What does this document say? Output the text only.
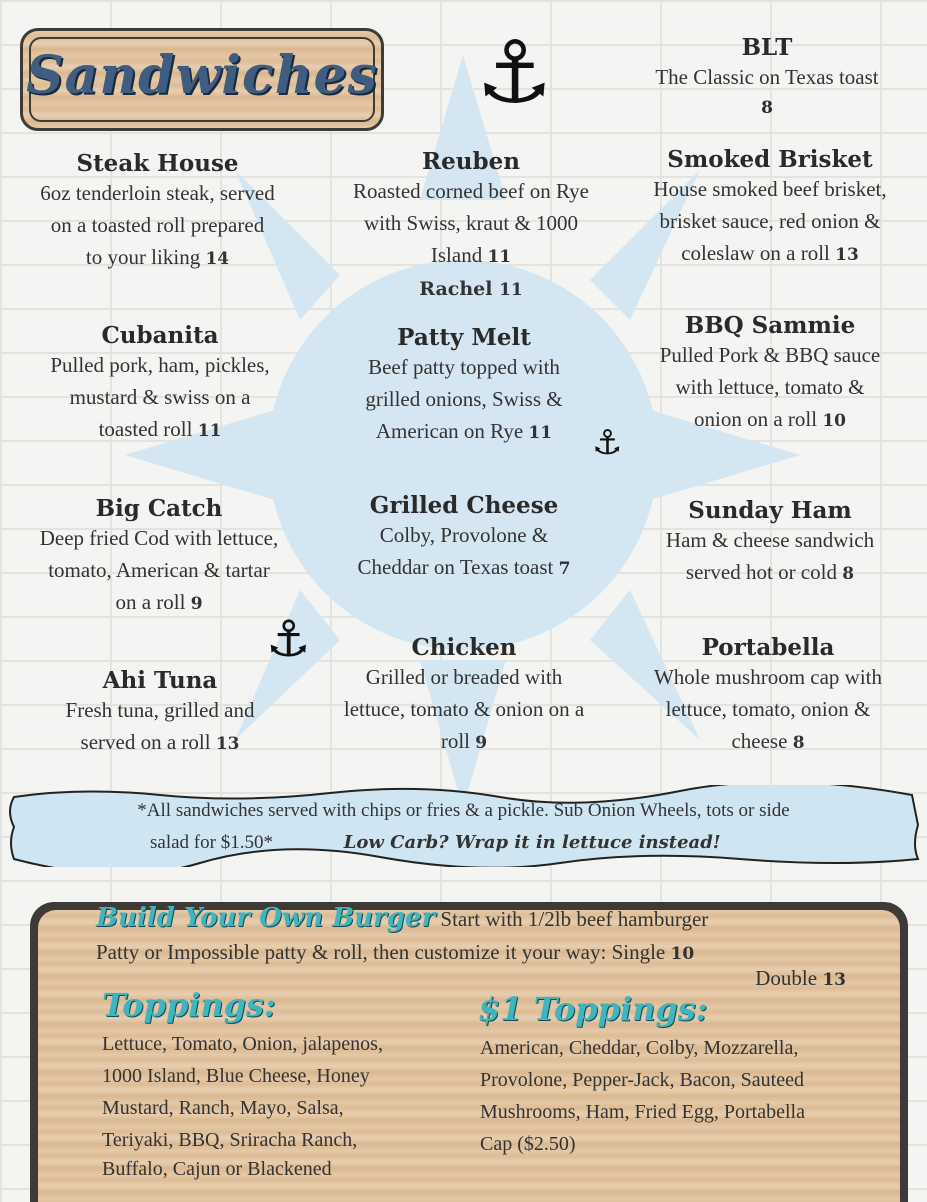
Sandwiches ⚓
⚓
⚓
BLT
The Classic on Texas toast
8
Steak House
6oz tenderloin steak, served
on a toasted roll prepared
to your liking 14
Reuben
Roasted corned beef on Rye
with Swiss, kraut & 1000
Island 11
Rachel 11
Smoked Brisket
House smoked beef brisket,
brisket sauce, red onion &
coleslaw on a roll 13
Cubanita
Pulled pork, ham, pickles,
mustard & swiss on a
toasted roll 11
Patty Melt
Beef patty topped with
grilled onions, Swiss &
American on Rye 11
BBQ Sammie
Pulled Pork & BBQ sauce
with lettuce, tomato &
onion on a roll 10
Big Catch
Deep fried Cod with lettuce,
tomato, American & tartar
on a roll 9
Grilled Cheese
Colby, Provolone &
Cheddar on Texas toast 7
Sunday Ham
Ham & cheese sandwich
served hot or cold 8
Ahi Tuna
Fresh tuna, grilled and
served on a roll 13
Chicken
Grilled or breaded with
lettuce, tomato & onion on a
roll 9
Portabella
Whole mushroom cap with
lettuce, tomato, onion &
cheese 8
*All sandwiches served with chips or fries & a pickle. Sub Onion Wheels, tots or side
salad for $1.50*	Low Carb? Wrap it in lettuce instead!
Build Your Own Burger Start with 1/2lb beef hamburger
Patty or Impossible patty & roll, then customize it your way: Single 10
Double 13
Toppings:
Lettuce, Tomato, Onion, jalapenos,
1000 Island, Blue Cheese, Honey
Mustard, Ranch, Mayo, Salsa,
Teriyaki, BBQ, Sriracha Ranch,
Buffalo, Cajun or Blackened
$1 Toppings:
American, Cheddar, Colby, Mozzarella,
Provolone, Pepper-Jack, Bacon, Sauteed
Mushrooms, Ham, Fried Egg, Portabella
Cap ($2.50)
